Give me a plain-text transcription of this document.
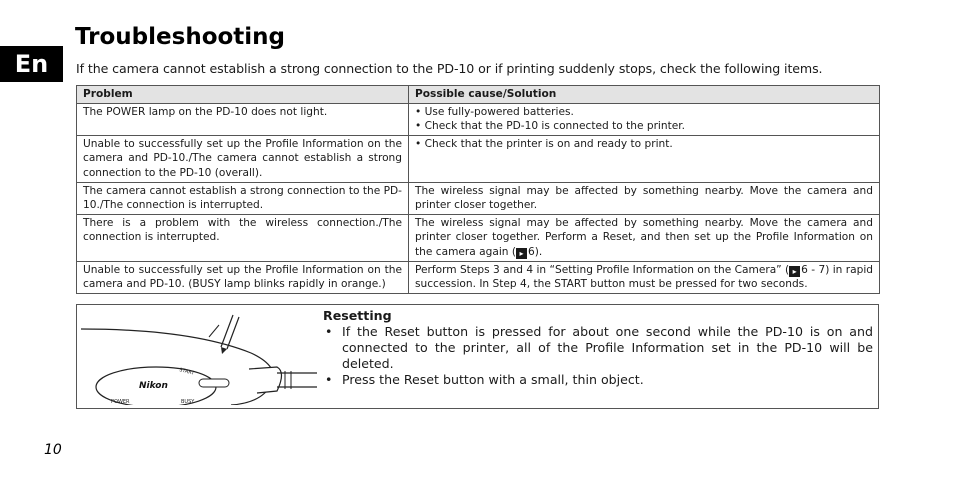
En
Troubleshooting

If the camera cannot establish a strong connection to the PD-10 or if printing suddenly stops, check the following items.

Problem	Possible cause/Solution
The POWER lamp on the PD-10 does not light.	• Use fully-powered batteries.
• Check that the PD-10 is connected to the printer.

Unable to successfully set up the Profile Information on the camera and PD-10./The camera cannot establish a strong connection to the PD-10 (overall).	• Check that the printer is on and ready to print.

The camera cannot establish a strong connection to the PD-10./The connection is interrupted.	The wireless signal may be affected by something nearby. Move the camera and printer closer together.

There is a problem with the wireless connection./The connection is interrupted.	The wireless signal may be affected by something nearby. Move the camera and printer closer together. Perform a Reset, and then set up the Profile Information on the camera again ( ▸ 6).
Unable to successfully set up the Profile Information on the camera and PD-10. (BUSY lamp blinks rapidly in orange.)	Perform Steps 3 and 4 in “Setting Profile Information on the Camera” ( ▸ 6 - 7) in rapid succession. In Step 4, the START button must be pressed for two seconds.
Nikon
START
POWER	BUSY
Resetting
• If the Reset button is pressed for about one second while the PD-10 is on and connected to the printer, all of the Profile Information set in the PD-10 will be deleted.
• Press the Reset button with a small, thin object.
10
